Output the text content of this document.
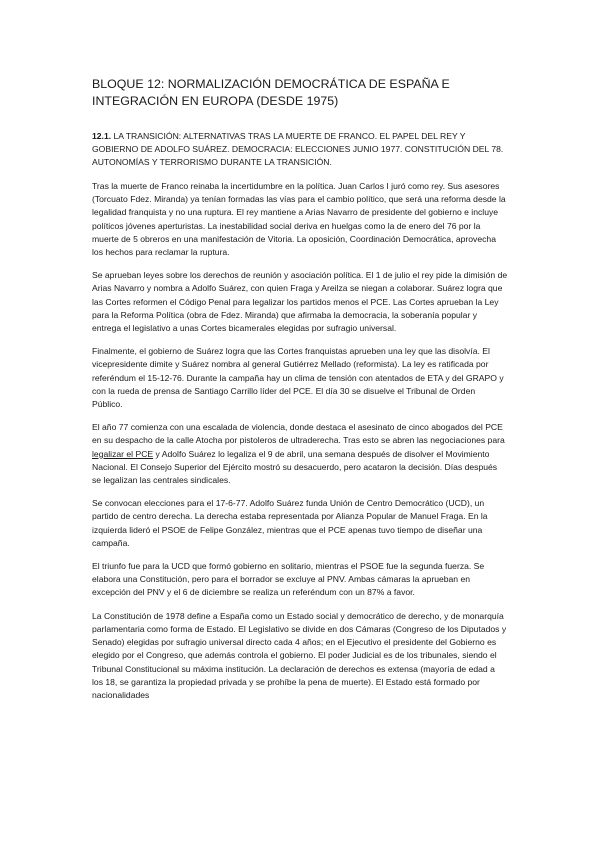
BLOQUE 12: NORMALIZACIÓN DEMOCRÁTICA DE ESPAÑA E INTEGRACIÓN EN EUROPA (DESDE 1975)

12.1. LA TRANSICIÓN: ALTERNATIVAS TRAS LA MUERTE DE FRANCO. EL PAPEL DEL REY Y GOBIERNO DE ADOLFO SUÁREZ. DEMOCRACIA: ELECCIONES JUNIO 1977. CONSTITUCIÓN DEL 78. AUTONOMÍAS Y TERRORISMO DURANTE LA TRANSICIÓN.

Tras la muerte de Franco reinaba la incertidumbre en la política. Juan Carlos I juró como rey. Sus asesores (Torcuato Fdez. Miranda) ya tenían formadas las vías para el cambio político, que será una reforma desde la legalidad franquista y no una ruptura. El rey mantiene a Arias Navarro de presidente del gobierno e incluye políticos jóvenes aperturistas. La inestabilidad social deriva en huelgas como la de enero del 76 por la muerte de 5 obreros en una manifestación de Vitoria. La oposición, Coordinación Democrática, aprovecha los hechos para reclamar la ruptura.

Se aprueban leyes sobre los derechos de reunión y asociación política. El 1 de julio el rey pide la dimisión de Arias Navarro y nombra a Adolfo Suárez, con quien Fraga y Areilza se niegan a colaborar. Suárez logra que las Cortes reformen el Código Penal para legalizar los partidos menos el PCE. Las Cortes aprueban la Ley para la Reforma Política (obra de Fdez. Miranda) que afirmaba la democracia, la soberanía popular y entrega el legislativo a unas Cortes bicamerales elegidas por sufragio universal.

Finalmente, el gobierno de Suárez logra que las Cortes franquistas aprueben una ley que las disolvía. El vicepresidente dimite y Suárez nombra al general Gutiérrez Mellado (reformista). La ley es ratificada por referéndum el 15-12-76. Durante la campaña hay un clima de tensión con atentados de ETA y del GRAPO y con la rueda de prensa de Santiago Carrillo líder del PCE. El día 30 se disuelve el Tribunal de Orden Público.

El año 77 comienza con una escalada de violencia, donde destaca el asesinato de cinco abogados del PCE en su despacho de la calle Atocha por pistoleros de ultraderecha. Tras esto se abren las negociaciones para legalizar el PCE y Adolfo Suárez lo legaliza el 9 de abril, una semana después de disolver el Movimiento Nacional. El Consejo Superior del Ejército mostró su desacuerdo, pero acataron la decisión. Días después se legalizan las centrales sindicales.

Se convocan elecciones para el 17-6-77. Adolfo Suárez funda Unión de Centro Democrático (UCD), un partido de centro derecha. La derecha estaba representada por Alianza Popular de Manuel Fraga. En la izquierda lideró el PSOE de Felipe González, mientras que el PCE apenas tuvo tiempo de diseñar una campaña.

El triunfo fue para la UCD que formó gobierno en solitario, mientras el PSOE fue la segunda fuerza. Se elabora una Constitución, pero para el borrador se excluye al PNV. Ambas cámaras la aprueban en excepción del PNV y el 6 de diciembre se realiza un referéndum con un 87% a favor.

La Constitución de 1978 define a España como un Estado social y democrático de derecho, y de monarquía parlamentaria como forma de Estado. El Legislativo se divide en dos Cámaras (Congreso de los Diputados y Senado) elegidas por sufragio universal directo cada 4 años; en el Ejecutivo el presidente del Gobierno es elegido por el Congreso, que además controla el gobierno. El poder Judicial es de los tribunales, siendo el Tribunal Constitucional su máxima institución. La declaración de derechos es extensa (mayoría de edad a los 18, se garantiza la propiedad privada y se prohíbe la pena de muerte). El Estado está formado por nacionalidades
